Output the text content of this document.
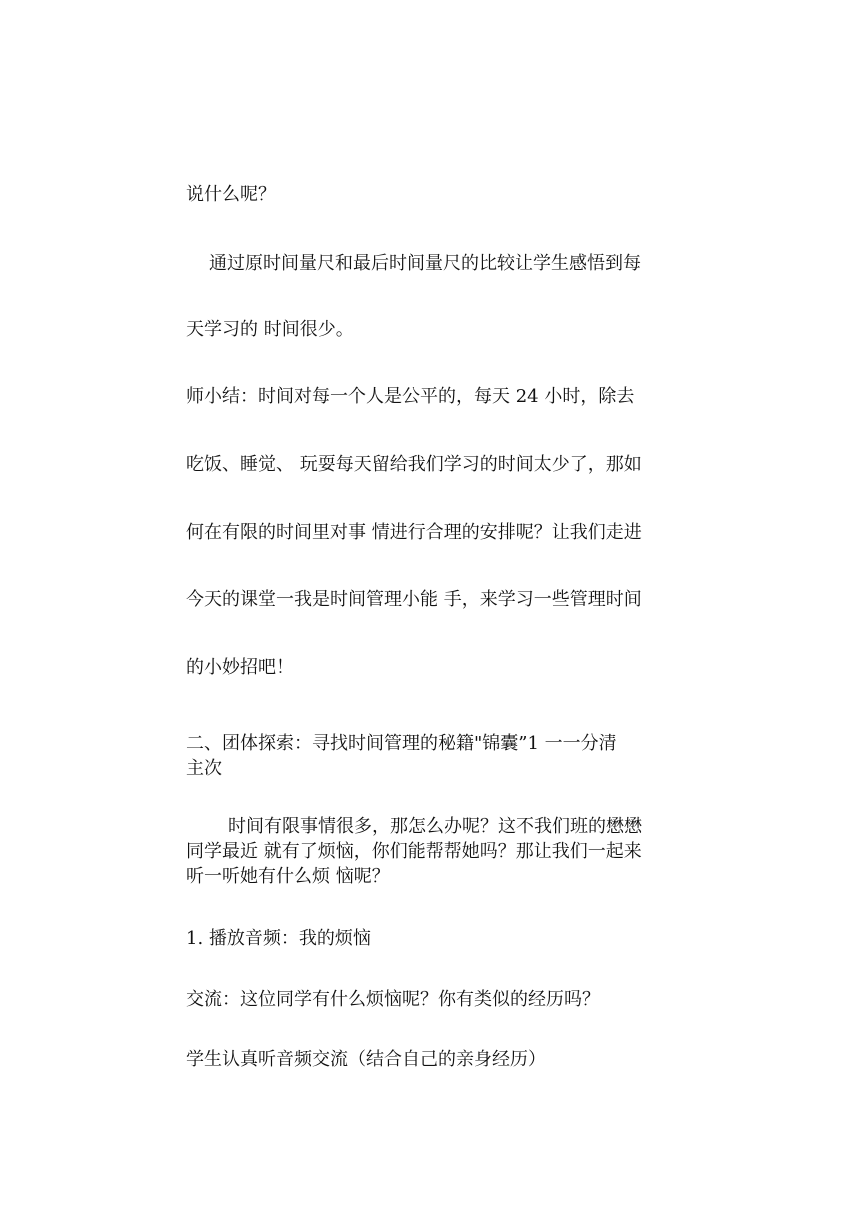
说什么呢？
通过原时间量尺和最后时间量尺的比较让学生感悟到每
天学习的 时间很少。
师小结：时间对每一个人是公平的，每天 24 小时，除去
吃饭、睡觉、 玩耍每天留给我们学习的时间太少了，那如
何在有限的时间里对事 情进行合理的安排呢？让我们走进
今天的课堂一我是时间管理小能 手，来学习一些管理时间
的小妙招吧！
二、团体探索：寻找时间管理的秘籍"锦囊”1 一一分清
主次
时间有限事情很多，那怎么办呢？这不我们班的懋懋
同学最近 就有了烦恼，你们能帮帮她吗？那让我们一起来
听一听她有什么烦 恼呢？
1. 播放音频：我的烦恼
交流：这位同学有什么烦恼呢？你有类似的经历吗？
学生认真听音频交流（结合自己的亲身经历）
